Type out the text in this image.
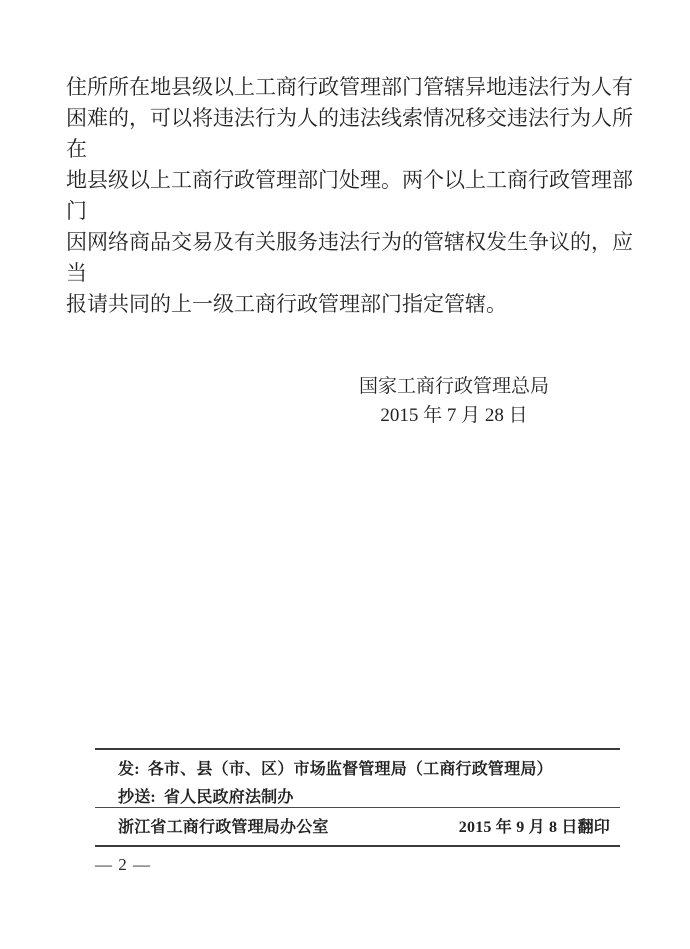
住所所在地县级以上工商行政管理部门管辖异地违法行为人有
困难的，可以将违法行为人的违法线索情况移交违法行为人所在
地县级以上工商行政管理部门处理。两个以上工商行政管理部门
因网络商品交易及有关服务违法行为的管辖权发生争议的，应当
报请共同的上一级工商行政管理部门指定管辖。
国家工商行政管理总局
2015 年 7 月 28 日
发: 各市、县（市、区）市场监督管理局（工商行政管理局）
抄送: 省人民政府法制办
浙江省工商行政管理局办公室	2015 年 9 月 8 日翻印
— 2 —
